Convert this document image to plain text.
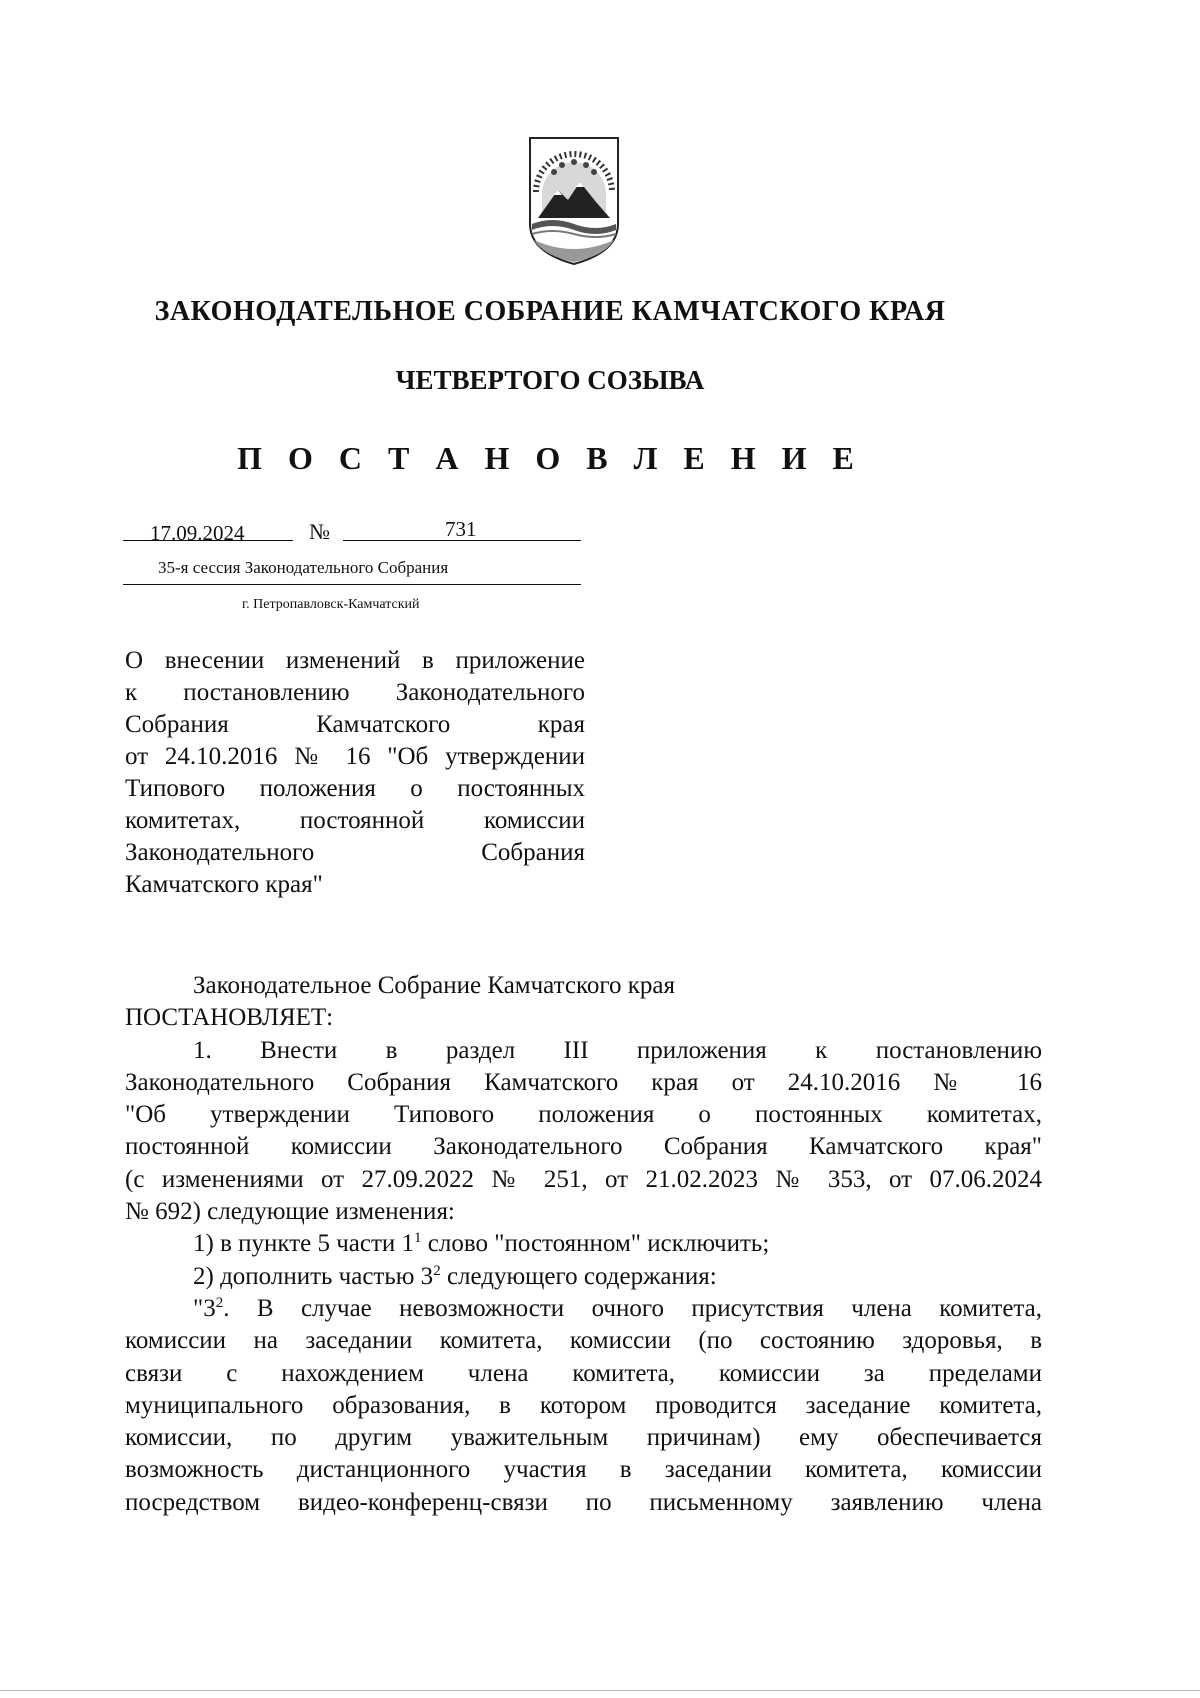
ЗАКОНОДАТЕЛЬНОЕ СОБРАНИЕ КАМЧАТСКОГО КРАЯ
ЧЕТВЕРТОГО СОЗЫВА
П О С Т А Н О В Л Е Н И Е
17.09.2024	№	731
35-я сессия Законодательного Собрания
г. Петропавловск-Камчатский
О внесении изменений в приложение
к постановлению Законодательного
Собрания Камчатского края
от 24.10.2016 № 16 "Об утверждении
Типового положения о постоянных
комитетах, постоянной комиссии
Законодательного Собрания
Камчатского края"
Законодательное Собрание Камчатского края
ПОСТАНОВЛЯЕТ:
1. Внести в раздел III приложения к постановлению
Законодательного Собрания Камчатского края от 24.10.2016 № 16
"Об утверждении Типового положения о постоянных комитетах,
постоянной комиссии Законодательного Собрания Камчатского края"
(с изменениями от 27.09.2022 № 251, от 21.02.2023 № 353, от 07.06.2024
№ 692) следующие изменения:
1) в пункте 5 части $1^1$ слово "постоянном" исключить;
2) дополнить частью $3^2$ следующего содержания:
"$3^2$. В случае невозможности очного присутствия члена комитета,
комиссии на заседании комитета, комиссии (по состоянию здоровья, в
связи с нахождением члена комитета, комиссии за пределами
муниципального образования, в котором проводится заседание комитета,
комиссии, по другим уважительным причинам) ему обеспечивается
возможность дистанционного участия в заседании комитета, комиссии
посредством видео-конференц-связи по письменному заявлению члена
